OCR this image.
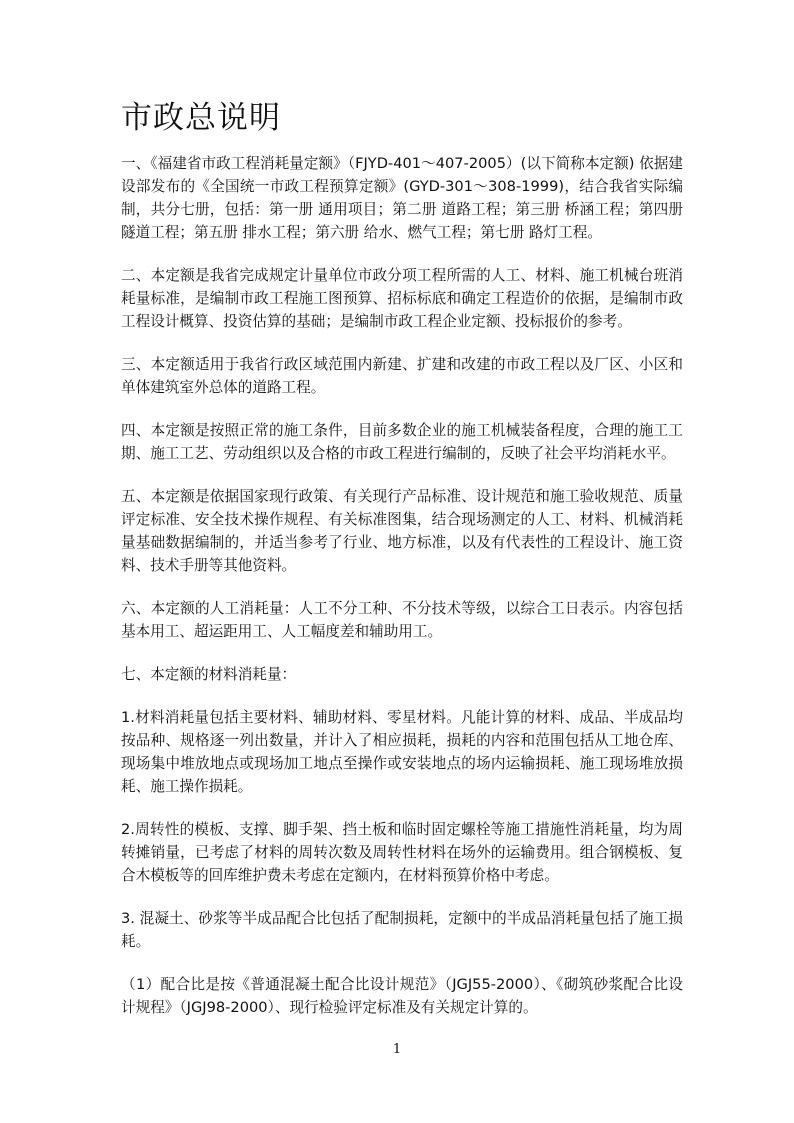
市政总说明

一、《福建省市政工程消耗量定额》（FJYD-401～407-2005）(以下简称本定额) 依据建设部发布的《全国统一市政工程预算定额》(GYD-301～308-1999)，结合我省实际编制，共分七册，包括：第一册 通用项目；第二册 道路工程；第三册 桥涵工程；第四册 隧道工程；第五册 排水工程；第六册 给水、燃气工程；第七册 路灯工程。

二、本定额是我省完成规定计量单位市政分项工程所需的人工、材料、施工机械台班消耗量标准，是编制市政工程施工图预算、招标标底和确定工程造价的依据，是编制市政工程设计概算、投资估算的基础；是编制市政工程企业定额、投标报价的参考。

三、本定额适用于我省行政区域范围内新建、扩建和改建的市政工程以及厂区、小区和单体建筑室外总体的道路工程。

四、本定额是按照正常的施工条件，目前多数企业的施工机械装备程度，合理的施工工期、施工工艺、劳动组织以及合格的市政工程进行编制的，反映了社会平均消耗水平。

五、本定额是依据国家现行政策、有关现行产品标准、设计规范和施工验收规范、质量评定标准、安全技术操作规程、有关标准图集，结合现场测定的人工、材料、机械消耗量基础数据编制的，并适当参考了行业、地方标准，以及有代表性的工程设计、施工资料、技术手册等其他资料。

六、本定额的人工消耗量：人工不分工种、不分技术等级，以综合工日表示。内容包括基本用工、超运距用工、人工幅度差和辅助用工。

七、本定额的材料消耗量：

1.材料消耗量包括主要材料、辅助材料、零星材料。凡能计算的材料、成品、半成品均按品种、规格逐一列出数量，并计入了相应损耗，损耗的内容和范围包括从工地仓库、现场集中堆放地点或现场加工地点至操作或安装地点的场内运输损耗、施工现场堆放损耗、施工操作损耗。

2.周转性的模板、支撑、脚手架、挡土板和临时固定螺栓等施工措施性消耗量，均为周转摊销量，已考虑了材料的周转次数及周转性材料在场外的运输费用。组合钢模板、复合木模板等的回库维护费未考虑在定额内，在材料预算价格中考虑。

3. 混凝土、砂浆等半成品配合比包括了配制损耗，定额中的半成品消耗量包括了施工损耗。

（1）配合比是按《普通混凝土配合比设计规范》（JGJ55-2000）、《砌筑砂浆配合比设计规程》（JGJ98-2000）、现行检验评定标准及有关规定计算的。

1
